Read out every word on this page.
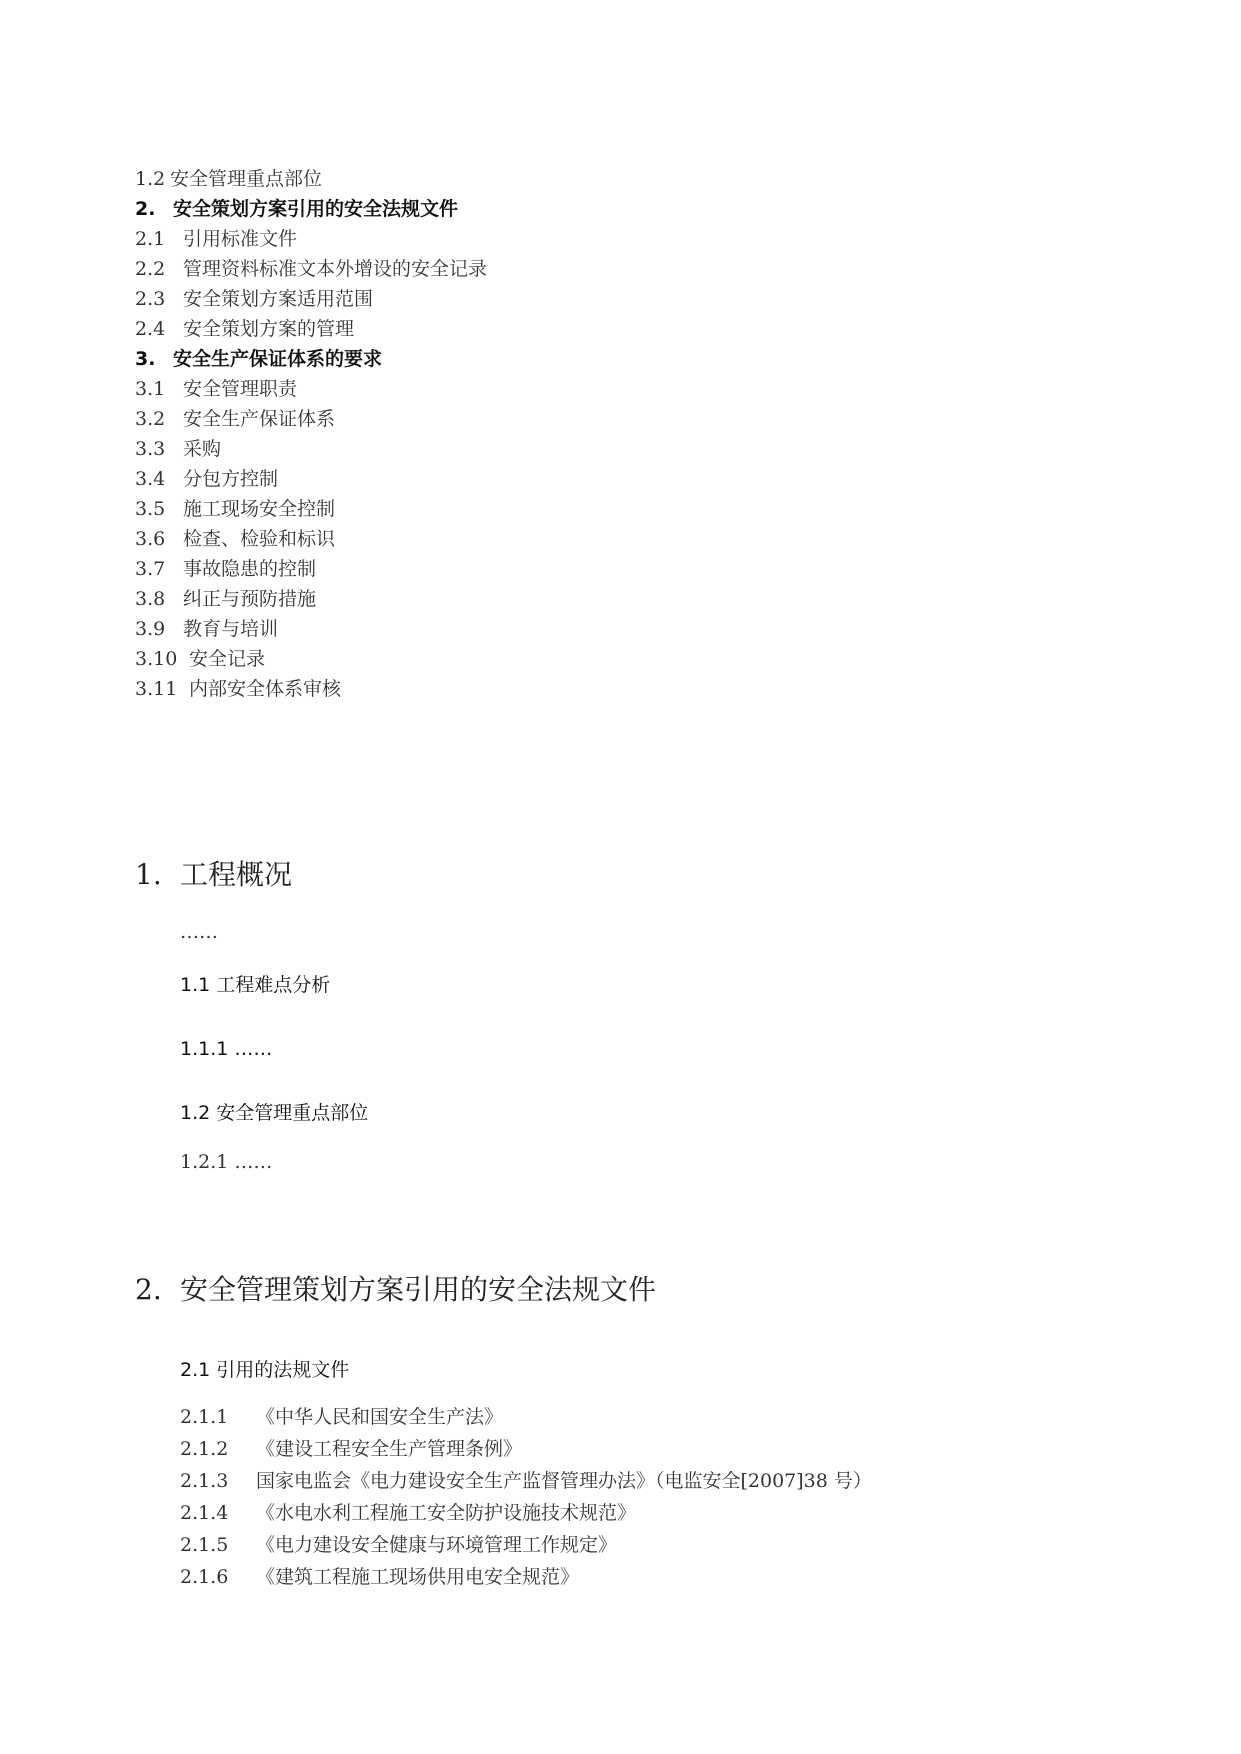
1.2 安全管理重点部位
2. 安全策划方案引用的安全法规文件
2.1 引用标准文件
2.2 管理资料标准文本外增设的安全记录
2.3 安全策划方案适用范围
2.4 安全策划方案的管理
3. 安全生产保证体系的要求
3.1 安全管理职责
3.2 安全生产保证体系
3.3 采购
3.4 分包方控制
3.5 施工现场安全控制
3.6 检查、检验和标识
3.7 事故隐患的控制
3.8 纠正与预防措施
3.9 教育与培训
3.10 安全记录
3.11 内部安全体系审核
1. 工程概况
……
1.1 工程难点分析
1.1.1 ……
1.2 安全管理重点部位
1.2.1 ……
2. 安全管理策划方案引用的安全法规文件
2.1 引用的法规文件
2.1.1 《中华人民和国安全生产法》
2.1.2 《建设工程安全生产管理条例》
2.1.3 国家电监会《电力建设安全生产监督管理办法》（电监安全[2007]38 号）
2.1.4 《水电水利工程施工安全防护设施技术规范》
2.1.5 《电力建设安全健康与环境管理工作规定》
2.1.6 《建筑工程施工现场供用电安全规范》
